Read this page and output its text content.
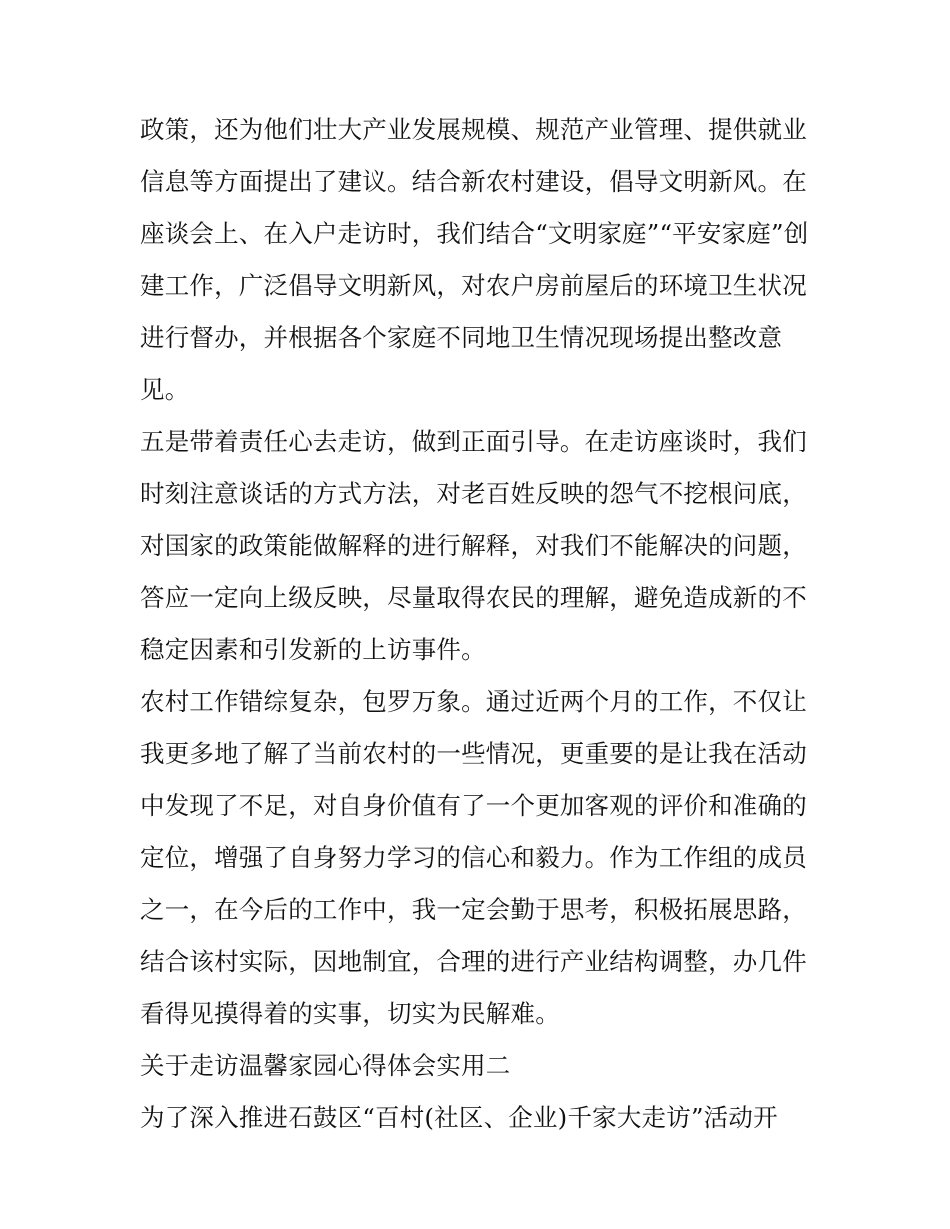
政策，还为他们壮大产业发展规模、规范产业管理、提供就业
信息等方面提出了建议。结合新农村建设，倡导文明新风。在
座谈会上、在入户走访时，我们结合“文明家庭”“平安家庭”创
建工作，广泛倡导文明新风，对农户房前屋后的环境卫生状况
进行督办，并根据各个家庭不同地卫生情况现场提出整改意
见。
五是带着责任心去走访，做到正面引导。在走访座谈时，我们
时刻注意谈话的方式方法，对老百姓反映的怨气不挖根问底，
对国家的政策能做解释的进行解释，对我们不能解决的问题，
答应一定向上级反映，尽量取得农民的理解，避免造成新的不
稳定因素和引发新的上访事件。
农村工作错综复杂，包罗万象。通过近两个月的工作，不仅让
我更多地了解了当前农村的一些情况，更重要的是让我在活动
中发现了不足，对自身价值有了一个更加客观的评价和准确的
定位，增强了自身努力学习的信心和毅力。作为工作组的成员
之一，在今后的工作中，我一定会勤于思考，积极拓展思路，
结合该村实际，因地制宜，合理的进行产业结构调整，办几件
看得见摸得着的实事，切实为民解难。
关于走访温馨家园心得体会实用二
为了深入推进石鼓区“百村(社区、企业)千家大走访”活动开
